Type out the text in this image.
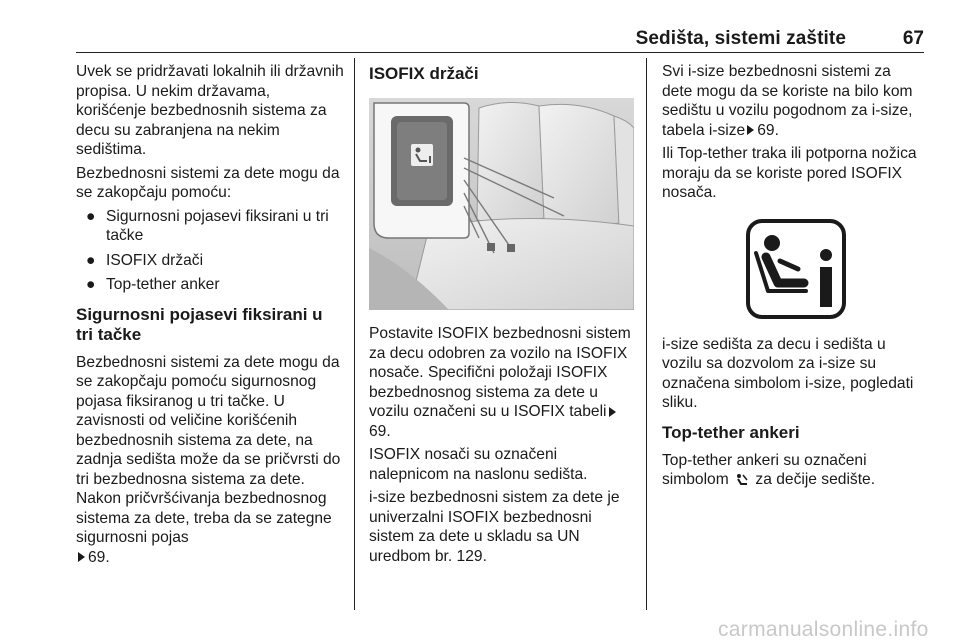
Sedišta, sistemi zaštite	67

Uvek se pridržavati lokalnih ili državnih propisa. U nekim državama, korišćenje bezbednosnih sistema za decu su zabranjena na nekim sedištima.

Bezbednosni sistemi za dete mogu da se zakopčaju pomoću:

● Sigurnosni pojasevi fiksirani u tri tačke
● ISOFIX držači
● Top-tether anker
Sigurnosni pojasevi fiksirani u tri tačke

Bezbednosni sistemi za dete mogu da se zakopčaju pomoću sigurnosnog pojasa fiksiranog u tri tačke. U zavisnosti od veličine korišćenih bezbednosnih sistema za dete, na zadnja sedišta može da se pričvrsti do tri bezbednosna sistema za dete. Nakon pričvršćivanja bezbednosnog sistema za dete, treba da se zategne sigurnosni pojas
69.

ISOFIX držači

Postavite ISOFIX bezbednosni sistem za decu odobren za vozilo na ISOFIX nosače. Specifični položaji ISOFIX bezbednosnog sistema za dete u vozilu označeni su u ISOFIX tabeli69.

ISOFIX nosači su označeni nalepnicom na naslonu sedišta.

i-size bezbednosni sistem za dete je univerzalni ISOFIX bezbednosni sistem za dete u skladu sa UN uredbom br. 129.

Svi i-size bezbednosni sistemi za dete mogu da se koriste na bilo kom sedištu u vozilu pogodnom za i-size, tabela i-size 69.

Ili Top-tether traka ili potporna nožica moraju da se koriste pored ISOFIX nosača.

i-size sedišta za decu i sedišta u vozilu sa dozvolom za i-size su označena simbolom i-size, pogledati sliku.

Top-tether ankeri

Top-tether ankeri su označeni simbolom za dečije sedište.

carmanualsonline.info
